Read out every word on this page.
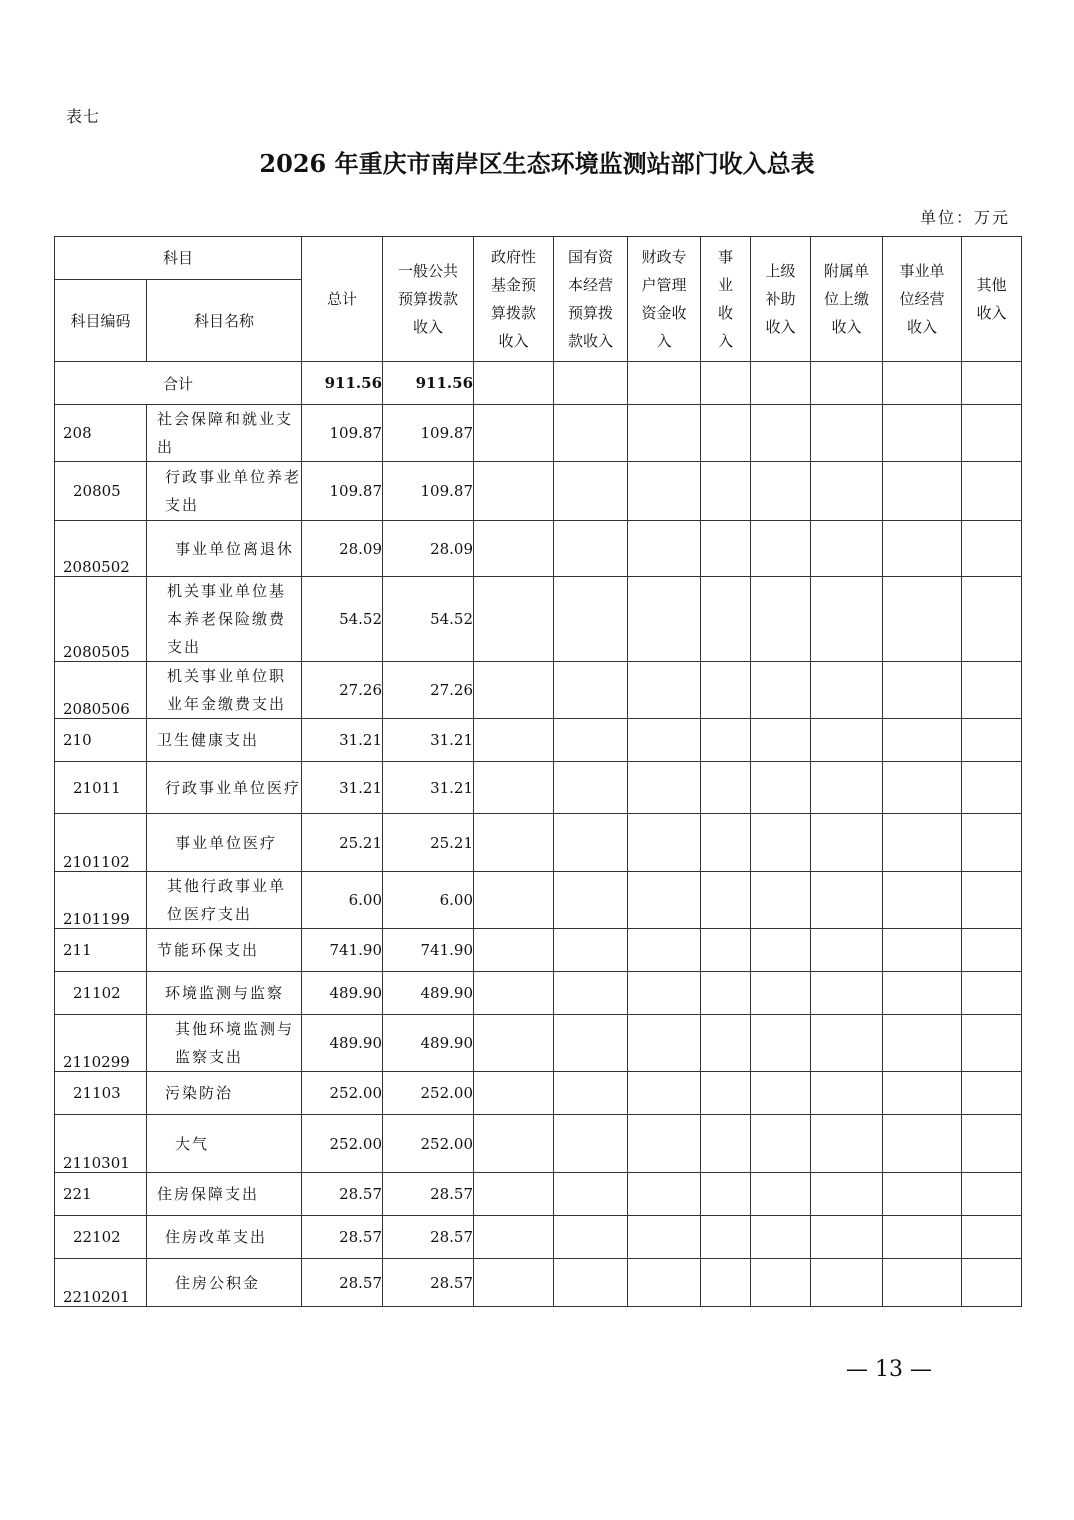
表七
2026 年重庆市南岸区生态环境监测站部门收入总表
单位：万元
科目		总计	一般公共预算拨款收入	政府性基金预算拨款收入	国有资本经营预算拨款收入	财政专户管理资金收入	事业收入	上级补助收入	附属单位上缴收入	事业单位经营收入	其他收入
科目编码	科目名称										
合计		911.56	911.56								
208	社会保障和就业支出	109.87	109.87								
20805	行政事业单位养老支出	109.87	109.87								
2080502	事业单位离退休	28.09	28.09								
2080505	机关事业单位基本养老保险缴费支出	54.52	54.52								
2080506	机关事业单位职业年金缴费支出	27.26	27.26								
210	卫生健康支出	31.21	31.21								
21011	行政事业单位医疗	31.21	31.21								
2101102	事业单位医疗	25.21	25.21								
2101199	其他行政事业单位医疗支出	6.00	6.00								
211	节能环保支出	741.90	741.90								
21102	环境监测与监察	489.90	489.90								
2110299	其他环境监测与监察支出	489.90	489.90								
21103	污染防治	252.00	252.00								
2110301	大气	252.00	252.00								
221	住房保障支出	28.57	28.57								
22102	住房改革支出	28.57	28.57								
2210201	住房公积金	28.57	28.57								
— 13 —
